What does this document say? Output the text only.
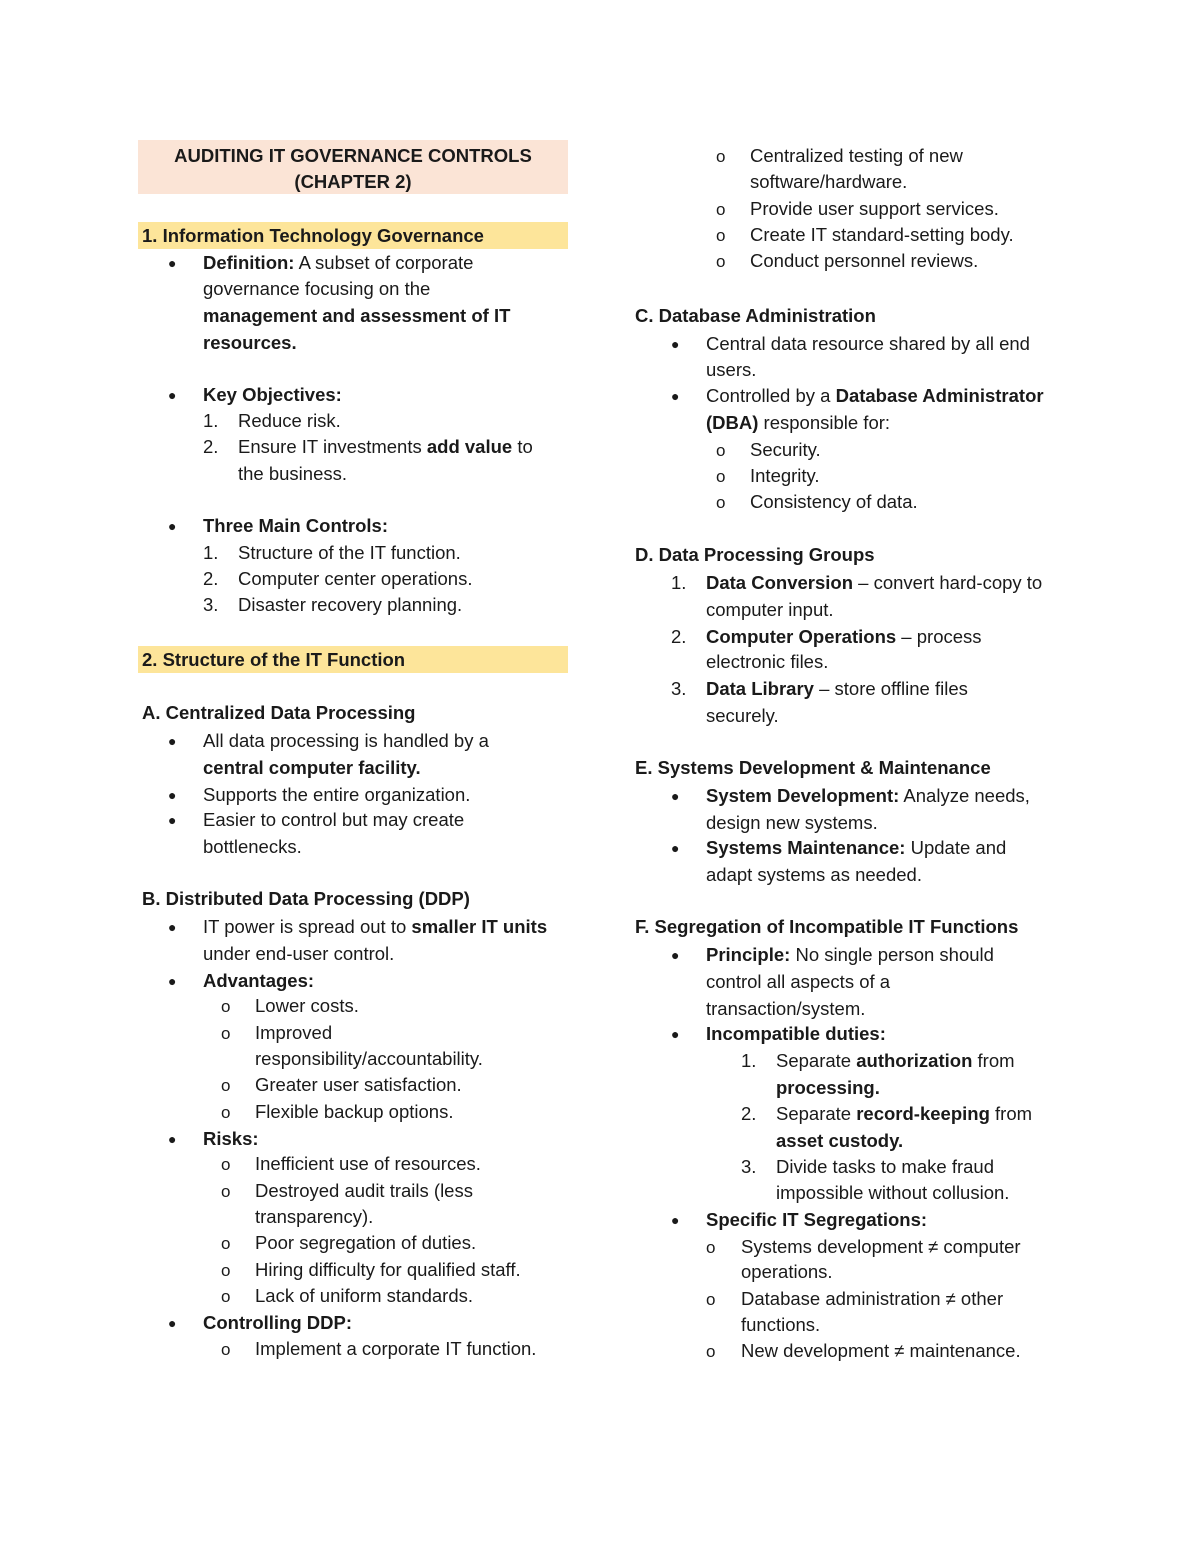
AUDITING IT GOVERNANCE CONTROLS
(CHAPTER 2)
1. Information Technology Governance
● Definition: A subset of corporate
governance focusing on the
management and assessment of IT
resources.
● Key Objectives:
1. Reduce risk.
2. Ensure IT investments add value to
the business.
● Three Main Controls:
1. Structure of the IT function.
2. Computer center operations.
3. Disaster recovery planning.
2. Structure of the IT Function
A. Centralized Data Processing
● All data processing is handled by a
central computer facility.
● Supports the entire organization.
● Easier to control but may create
bottlenecks.
B. Distributed Data Processing (DDP)
● IT power is spread out to smaller IT units
under end-user control.
● Advantages:
o Lower costs.
o Improved
responsibility/accountability.
o Greater user satisfaction.
o Flexible backup options.
● Risks:
o Inefficient use of resources.
o Destroyed audit trails (less
transparency).
o Poor segregation of duties.
o Hiring difficulty for qualified staff.
o Lack of uniform standards.
● Controlling DDP:
o Implement a corporate IT function.
o Centralized testing of new
software/hardware.
o Provide user support services.
o Create IT standard-setting body.
o Conduct personnel reviews.
C. Database Administration
● Central data resource shared by all end
users.
● Controlled by a Database Administrator
(DBA) responsible for:
o Security.
o Integrity.
o Consistency of data.
D. Data Processing Groups
1. Data Conversion – convert hard-copy to
computer input.
2. Computer Operations – process
electronic files.
3. Data Library – store offline files
securely.
E. Systems Development & Maintenance
● System Development: Analyze needs,
design new systems.
● Systems Maintenance: Update and
adapt systems as needed.
F. Segregation of Incompatible IT Functions
● Principle: No single person should
control all aspects of a
transaction/system.
● Incompatible duties:
1. Separate authorization from
processing.
2. Separate record-keeping from
asset custody.
3. Divide tasks to make fraud
impossible without collusion.
● Specific IT Segregations:
o Systems development ≠ computer
operations.
o Database administration ≠ other
functions.
o New development ≠ maintenance.
